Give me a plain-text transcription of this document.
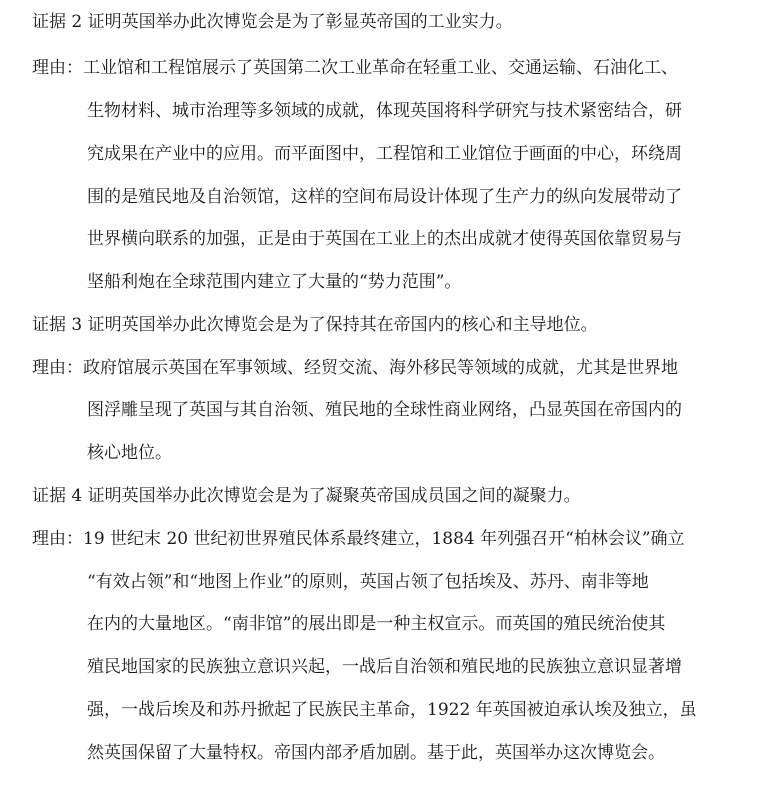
证据 2 证明英国举办此次博览会是为了彰显英帝国的工业实力。
理由：工业馆和工程馆展示了英国第二次工业革命在轻重工业、交通运输、石油化工、
生物材料、城市治理等多领域的成就，体现英国将科学研究与技术紧密结合，研
究成果在产业中的应用。而平面图中，工程馆和工业馆位于画面的中心，环绕周
围的是殖民地及自治领馆，这样的空间布局设计体现了生产力的纵向发展带动了
世界横向联系的加强，正是由于英国在工业上的杰出成就才使得英国依靠贸易与
坚船利炮在全球范围内建立了大量的“势力范围”。
证据 3 证明英国举办此次博览会是为了保持其在帝国内的核心和主导地位。
理由：政府馆展示英国在军事领域、经贸交流、海外移民等领域的成就，尤其是世界地
图浮雕呈现了英国与其自治领、殖民地的全球性商业网络，凸显英国在帝国内的
核心地位。
证据 4 证明英国举办此次博览会是为了凝聚英帝国成员国之间的凝聚力。
理由：19 世纪末 20 世纪初世界殖民体系最终建立，1884 年列强召开“柏林会议”确立
“有效占领”和“地图上作业”的原则，英国占领了包括埃及、苏丹、南非等地
在内的大量地区。“南非馆”的展出即是一种主权宣示。而英国的殖民统治使其
殖民地国家的民族独立意识兴起，一战后自治领和殖民地的民族独立意识显著增
强，一战后埃及和苏丹掀起了民族民主革命，1922 年英国被迫承认埃及独立，虽
然英国保留了大量特权。帝国内部矛盾加剧。基于此，英国举办这次博览会。
